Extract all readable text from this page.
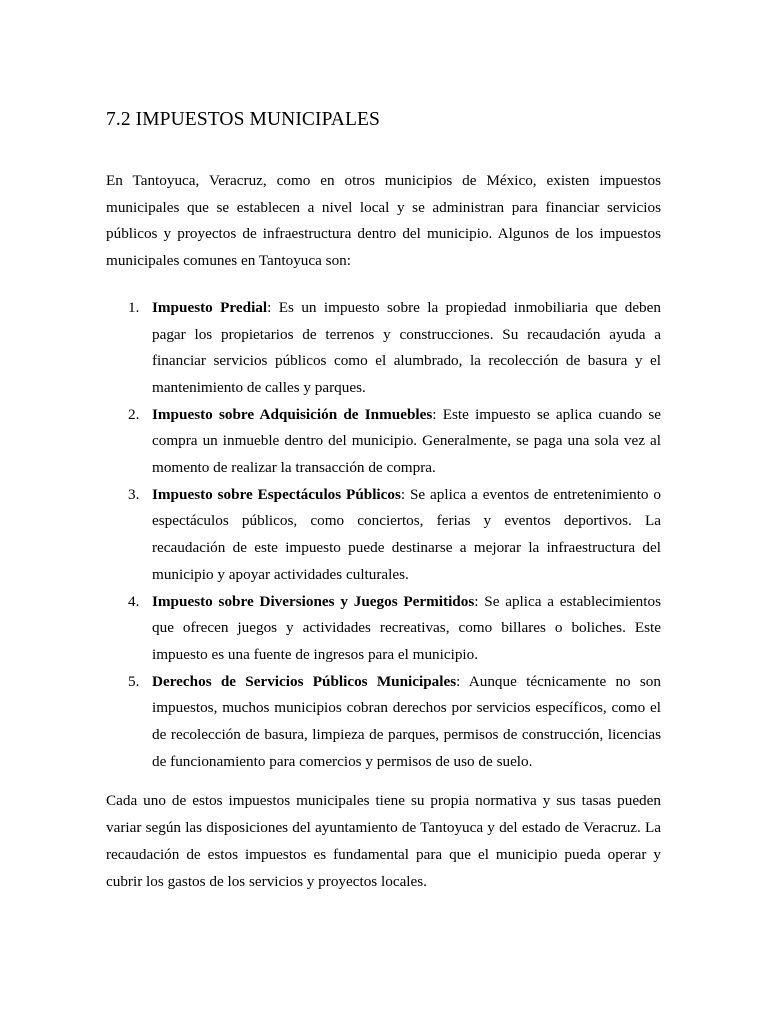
7.2 IMPUESTOS MUNICIPALES

En Tantoyuca, Veracruz, como en otros municipios de México, existen impuestos municipales que se establecen a nivel local y se administran para financiar servicios públicos y proyectos de infraestructura dentro del municipio. Algunos de los impuestos municipales comunes en Tantoyuca son:

1. Impuesto Predial: Es un impuesto sobre la propiedad inmobiliaria que deben pagar los propietarios de terrenos y construcciones. Su recaudación ayuda a financiar servicios públicos como el alumbrado, la recolección de basura y el mantenimiento de calles y parques.
2. Impuesto sobre Adquisición de Inmuebles: Este impuesto se aplica cuando se compra un inmueble dentro del municipio. Generalmente, se paga una sola vez al momento de realizar la transacción de compra.
3. Impuesto sobre Espectáculos Públicos: Se aplica a eventos de entretenimiento o espectáculos públicos, como conciertos, ferias y eventos deportivos. La recaudación de este impuesto puede destinarse a mejorar la infraestructura del municipio y apoyar actividades culturales.
4. Impuesto sobre Diversiones y Juegos Permitidos: Se aplica a establecimientos que ofrecen juegos y actividades recreativas, como billares o boliches. Este impuesto es una fuente de ingresos para el municipio.
5. Derechos de Servicios Públicos Municipales: Aunque técnicamente no son impuestos, muchos municipios cobran derechos por servicios específicos, como el de recolección de basura, limpieza de parques, permisos de construcción, licencias de funcionamiento para comercios y permisos de uso de suelo.

Cada uno de estos impuestos municipales tiene su propia normativa y sus tasas pueden variar según las disposiciones del ayuntamiento de Tantoyuca y del estado de Veracruz. La recaudación de estos impuestos es fundamental para que el municipio pueda operar y cubrir los gastos de los servicios y proyectos locales.
